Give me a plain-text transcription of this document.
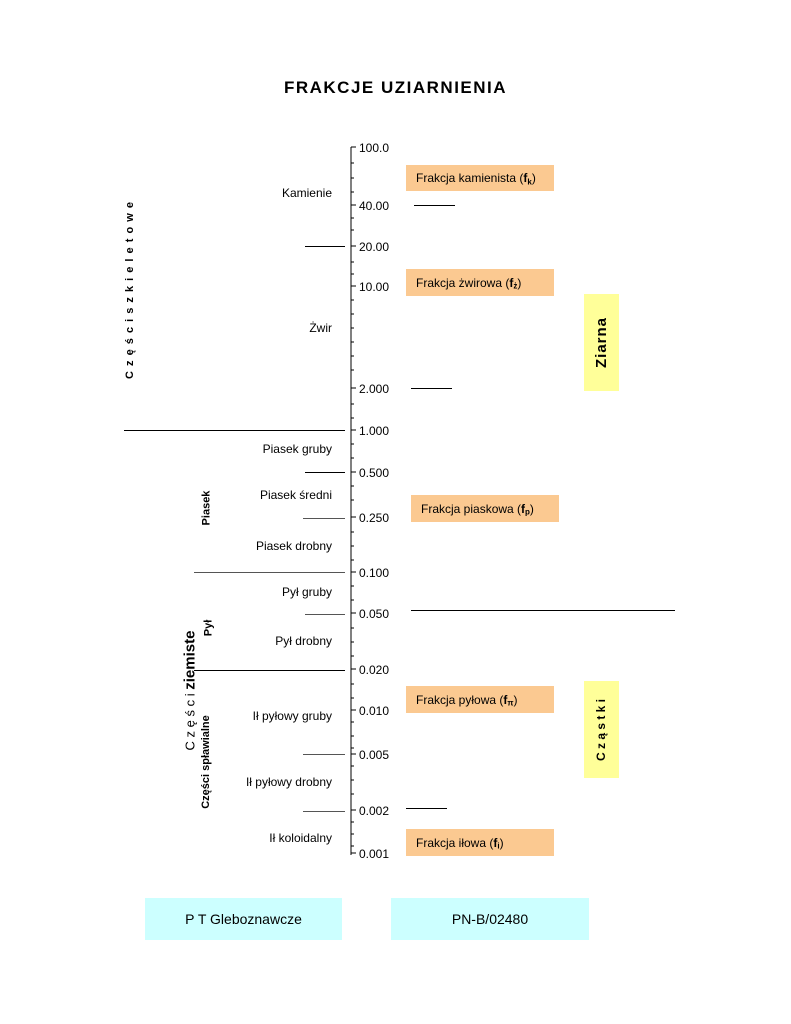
FRAKCJE UZIARNIENIA
100.0
40.00
20.00
10.00
2.000
1.000
0.500
0.250
0.100
0.050
0.020
0.010
0.005
0.002
0.001
Kamienie
Żwir
Piasek gruby
Piasek średni
Piasek drobny
Pył gruby
Pył drobny
Ił pyłowy gruby
Ił pyłowy drobny
Ił koloidalny
C z ę ś c i s z k i e l e t o w e
C z ę ś c i ziemiste
Piasek
Pył
Części spławialne
Frakcja kamienista ( f $_k$ )
Frakcja żwirowa ( f $_ż$ )
Frakcja piaskowa ( f $_p$ )
Frakcja pyłowa ( f $_\pi$ )
Frakcja iłowa ( f $_i$ )
Ziarna
C z ą s t k i
P T Gleboznawcze	PN-B/02480
